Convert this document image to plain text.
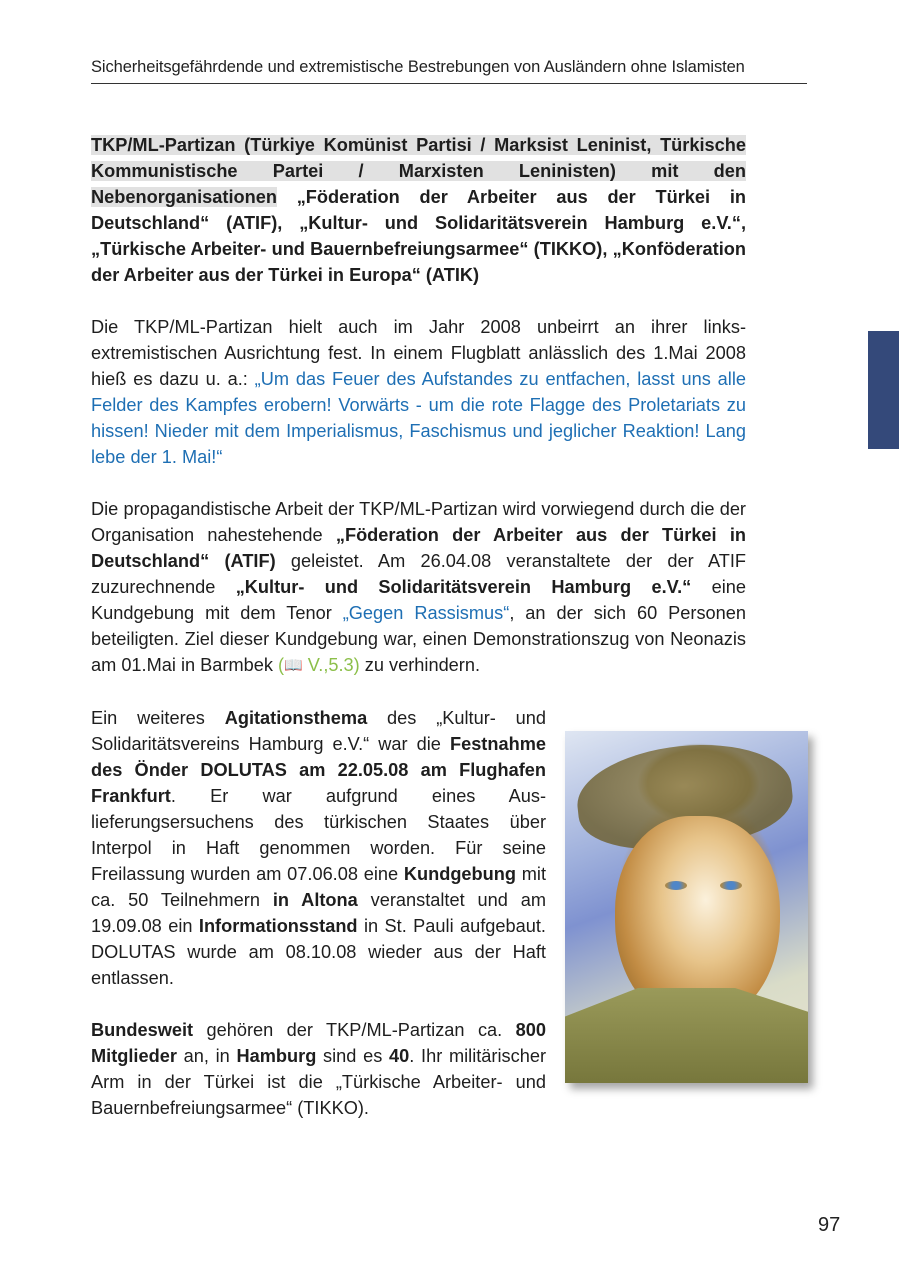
Sicherheitsgefährdende und extremistische Bestrebungen von Ausländern ohne Islamisten
TKP/ML-Partizan (Türkiye Komünist Partisi / Marksist Leninist, Türkische Kommunistische Partei / Marxisten Leninisten) mit den Nebenorganisationen „Föderation der Arbeiter aus der Türkei in Deutschland“ (ATIF), „Kultur- und Solidaritätsverein Hamburg e.V.“, „Türkische Arbeiter- und Bauernbefreiungsarmee“ (TIKKO), „Konföderation der Arbeiter aus der Türkei in Europa“ (ATIK)

Die TKP/ML-Partizan hielt auch im Jahr 2008 unbeirrt an ihrer linksextremistischen Ausrichtung fest. In einem Flugblatt anlässlich des 1.Mai 2008 hieß es dazu u. a.: „Um das Feuer des Aufstandes zu entfachen, lasst uns alle Felder des Kampfes erobern! Vorwärts - um die rote Flagge des Proletariats zu hissen! Nieder mit dem Imperialismus, Faschismus und jeglicher Reaktion! Lang lebe der 1. Mai!“

Die propagandistische Arbeit der TKP/ML-Partizan wird vorwiegend durch die der Organisation nahestehende „Föderation der Arbeiter aus der Türkei in Deutschland“ (ATIF) geleistet. Am 26.04.08 veranstaltete der der ATIF zuzurechnende „Kultur- und Solidaritätsverein Hamburg e.V.“ eine Kundgebung mit dem Tenor „Gegen Rassismus“, an der sich 60 Personen beteiligten. Ziel dieser Kundgebung war, einen Demonstrationszug von Neonazis am 01.Mai in Barmbek (📖 V.,5.3) zu verhindern.

Ein weiteres Agitationsthema des „Kultur- und Solidaritätsvereins Hamburg e.V.“ war die Festnahme des Önder DOLUTAS am 22.05.08 am Flughafen Frankfurt. Er war aufgrund eines Auslieferungsersuchens des türkischen Staates über Interpol in Haft genommen worden. Für seine Freilassung wurden am 07.06.08 eine Kundgebung mit ca. 50 Teilnehmern in Altona veranstaltet und am 19.09.08 ein Informationsstand in St. Pauli aufgebaut. DOLUTAS wurde am 08.10.08 wieder aus der Haft entlassen.

Bundesweit gehören der TKP/ML-Partizan ca. 800 Mitglieder an, in Hamburg sind es 40. Ihr militärischer Arm in der Türkei ist die „Türkische Arbeiter- und Bauernbefreiungsarmee“ (TIKKO).

97
